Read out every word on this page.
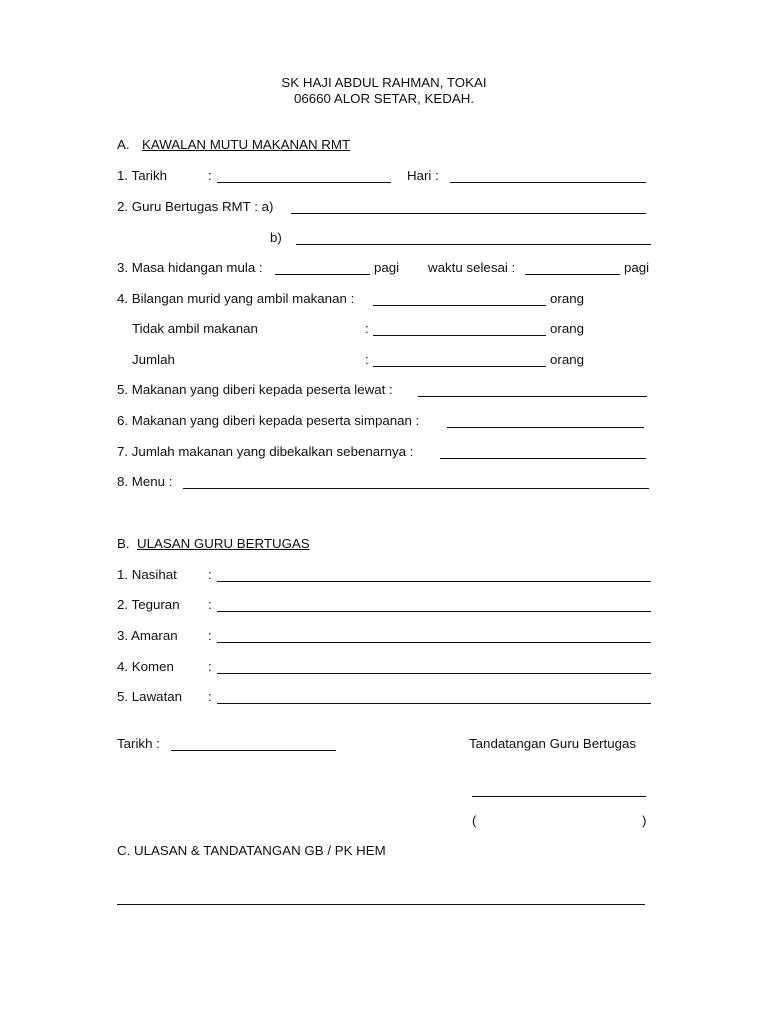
SK HAJI ABDUL RAHMAN, TOKAI
06660 ALOR SETAR, KEDAH.
A. KAWALAN MUTU MAKANAN RMT
1. Tarikh	:	Hari :
2. Guru Bertugas RMT : a)
b)
3. Masa hidangan mula :	pagi waktu selesai :	pagi
4. Bilangan murid yang ambil makanan :	orang
Tidak ambil makanan	:	orang
Jumlah	:	orang
5. Makanan yang diberi kepada peserta lewat :
6. Makanan yang diberi kepada peserta simpanan :
7. Jumlah makanan yang dibekalkan sebenarnya :
8. Menu :
B. ULASAN GURU BERTUGAS
1. Nasihat :
2. Teguran :
3. Amaran :
4. Komen	:
5. Lawatan :
Tarikh :	Tandatangan Guru Bertugas
(	)
C. ULASAN & TANDATANGAN GB / PK HEM
